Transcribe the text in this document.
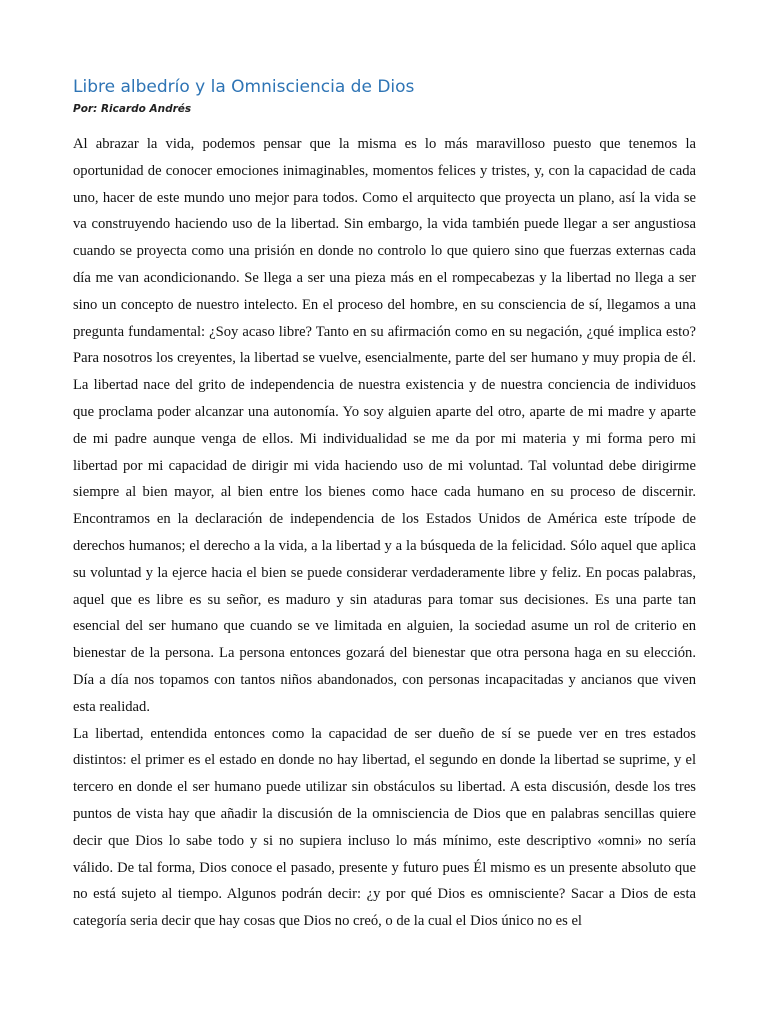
Libre albedrío y la Omnisciencia de Dios
Por: Ricardo Andrés

Al abrazar la vida, podemos pensar que la misma es lo más maravilloso puesto que tenemos la oportunidad de conocer emociones inimaginables, momentos felices y tristes, y, con la capacidad de cada uno, hacer de este mundo uno mejor para todos. Como el arquitecto que proyecta un plano, así la vida se va construyendo haciendo uso de la libertad. Sin embargo, la vida también puede llegar a ser angustiosa cuando se proyecta como una prisión en donde no controlo lo que quiero sino que fuerzas externas cada día me van acondicionando. Se llega a ser una pieza más en el rompecabezas y la libertad no llega a ser sino un concepto de nuestro intelecto. En el proceso del hombre, en su consciencia de sí, llegamos a una pregunta fundamental: ¿Soy acaso libre? Tanto en su afirmación como en su negación, ¿qué implica esto? Para nosotros los creyentes, la libertad se vuelve, esencialmente, parte del ser humano y muy propia de él. La libertad nace del grito de independencia de nuestra existencia y de nuestra conciencia de individuos que proclama poder alcanzar una autonomía. Yo soy alguien aparte del otro, aparte de mi madre y aparte de mi padre aunque venga de ellos. Mi individualidad se me da por mi materia y mi forma pero mi libertad por mi capacidad de dirigir mi vida haciendo uso de mi voluntad. Tal voluntad debe dirigirme siempre al bien mayor, al bien entre los bienes como hace cada humano en su proceso de discernir. Encontramos en la declaración de independencia de los Estados Unidos de América este trípode de derechos humanos; el derecho a la vida, a la libertad y a la búsqueda de la felicidad. Sólo aquel que aplica su voluntad y la ejerce hacia el bien se puede considerar verdaderamente libre y feliz. En pocas palabras, aquel que es libre es su señor, es maduro y sin ataduras para tomar sus decisiones. Es una parte tan esencial del ser humano que cuando se ve limitada en alguien, la sociedad asume un rol de criterio en bienestar de la persona. La persona entonces gozará del bienestar que otra persona haga en su elección. Día a día nos topamos con tantos niños abandonados, con personas incapacitadas y ancianos que viven esta realidad.

La libertad, entendida entonces como la capacidad de ser dueño de sí se puede ver en tres estados distintos: el primer es el estado en donde no hay libertad, el segundo en donde la libertad se suprime, y el tercero en donde el ser humano puede utilizar sin obstáculos su libertad. A esta discusión, desde los tres puntos de vista hay que añadir la discusión de la omnisciencia de Dios que en palabras sencillas quiere decir que Dios lo sabe todo y si no supiera incluso lo más mínimo, este descriptivo «omni» no sería válido. De tal forma, Dios conoce el pasado, presente y futuro pues Él mismo es un presente absoluto que no está sujeto al tiempo. Algunos podrán decir: ¿y por qué Dios es omnisciente? Sacar a Dios de esta categoría seria decir que hay cosas que Dios no creó, o de la cual el Dios único no es el
